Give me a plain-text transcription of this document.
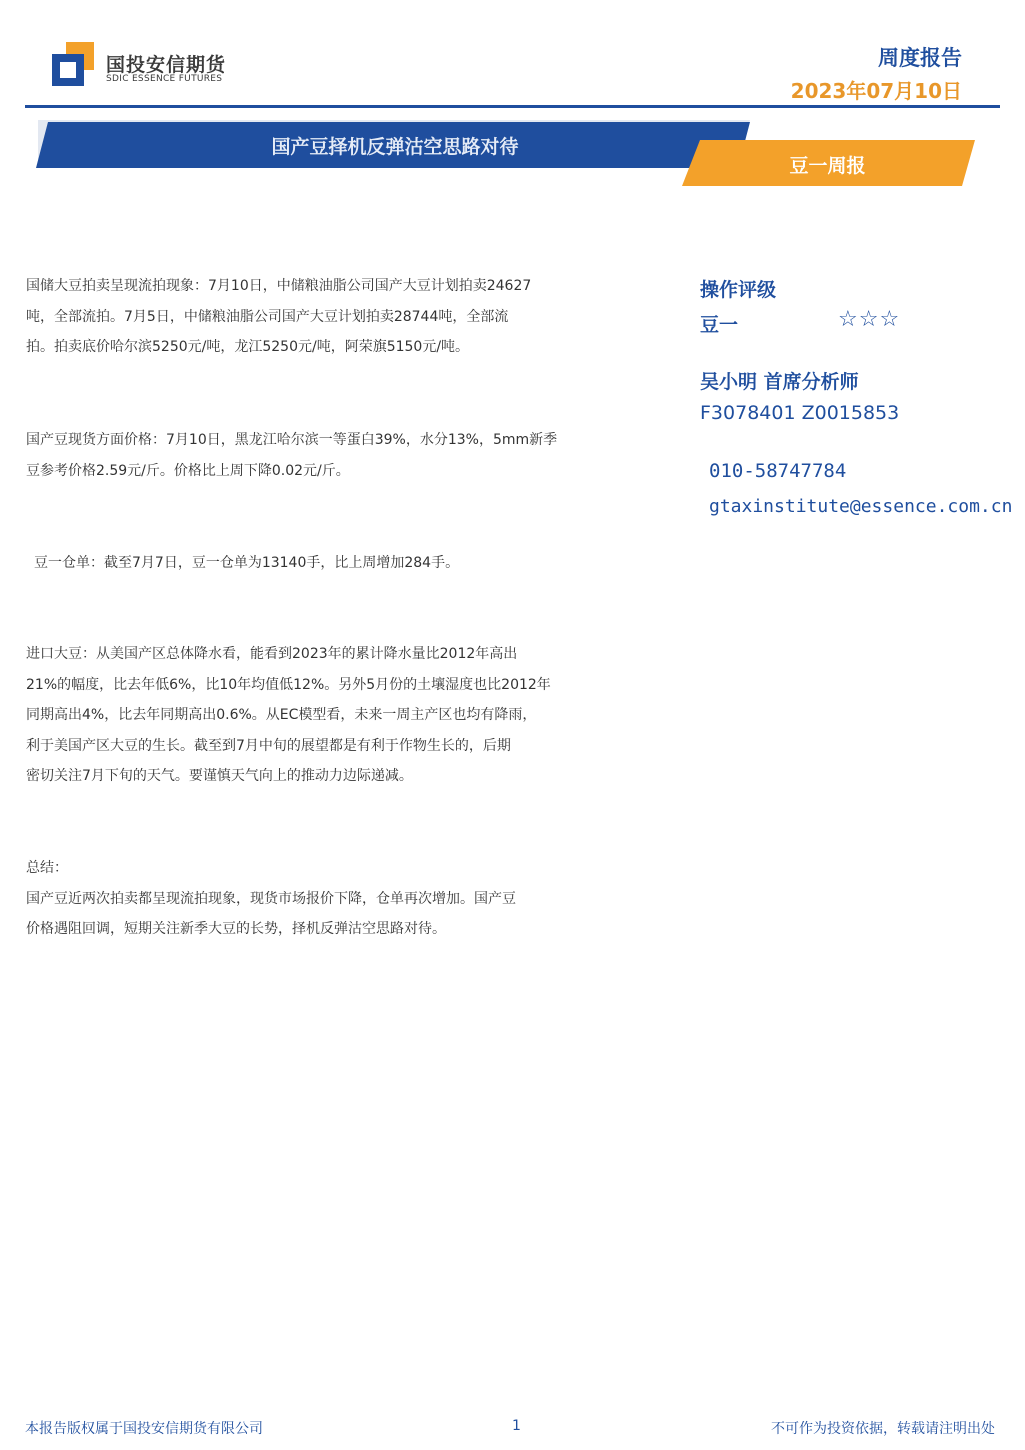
国投安信期货
SDIC ESSENCE FUTURES
周度报告
2023年07月10日
国产豆择机反弹沽空思路对待
豆一周报
国储大豆拍卖呈现流拍现象：7月10日，中储粮油脂公司国产大豆计划拍卖24627
吨，全部流拍。7月5日，中储粮油脂公司国产大豆计划拍卖28744吨，全部流
拍。拍卖底价哈尔滨5250元/吨，龙江5250元/吨，阿荣旗5150元/吨。
国产豆现货方面价格：7月10日，黑龙江哈尔滨一等蛋白39%，水分13%，5mm新季
豆参考价格2.59元/斤。价格比上周下降0.02元/斤。
豆一仓单：截至7月7日，豆一仓单为13140手，比上周增加284手。
进口大豆：从美国产区总体降水看，能看到2023年的累计降水量比2012年高出
21%的幅度，比去年低6%，比10年均值低12%。另外5月份的土壤湿度也比2012年
同期高出4%，比去年同期高出0.6%。从EC模型看，未来一周主产区也均有降雨，
利于美国产区大豆的生长。截至到7月中旬的展望都是有利于作物生长的，后期
密切关注7月下旬的天气。要谨慎天气向上的推动力边际递减。
总结：
国产豆近两次拍卖都呈现流拍现象，现货市场报价下降，仓单再次增加。国产豆
价格遇阻回调，短期关注新季大豆的长势，择机反弹沽空思路对待。
操作评级
豆一	☆☆☆
吴小明 首席分析师
F3078401 Z0015853
010-58747784
gtaxinstitute@essence.com.cn
本报告版权属于国投安信期货有限公司	1	不可作为投资依据，转载请注明出处
